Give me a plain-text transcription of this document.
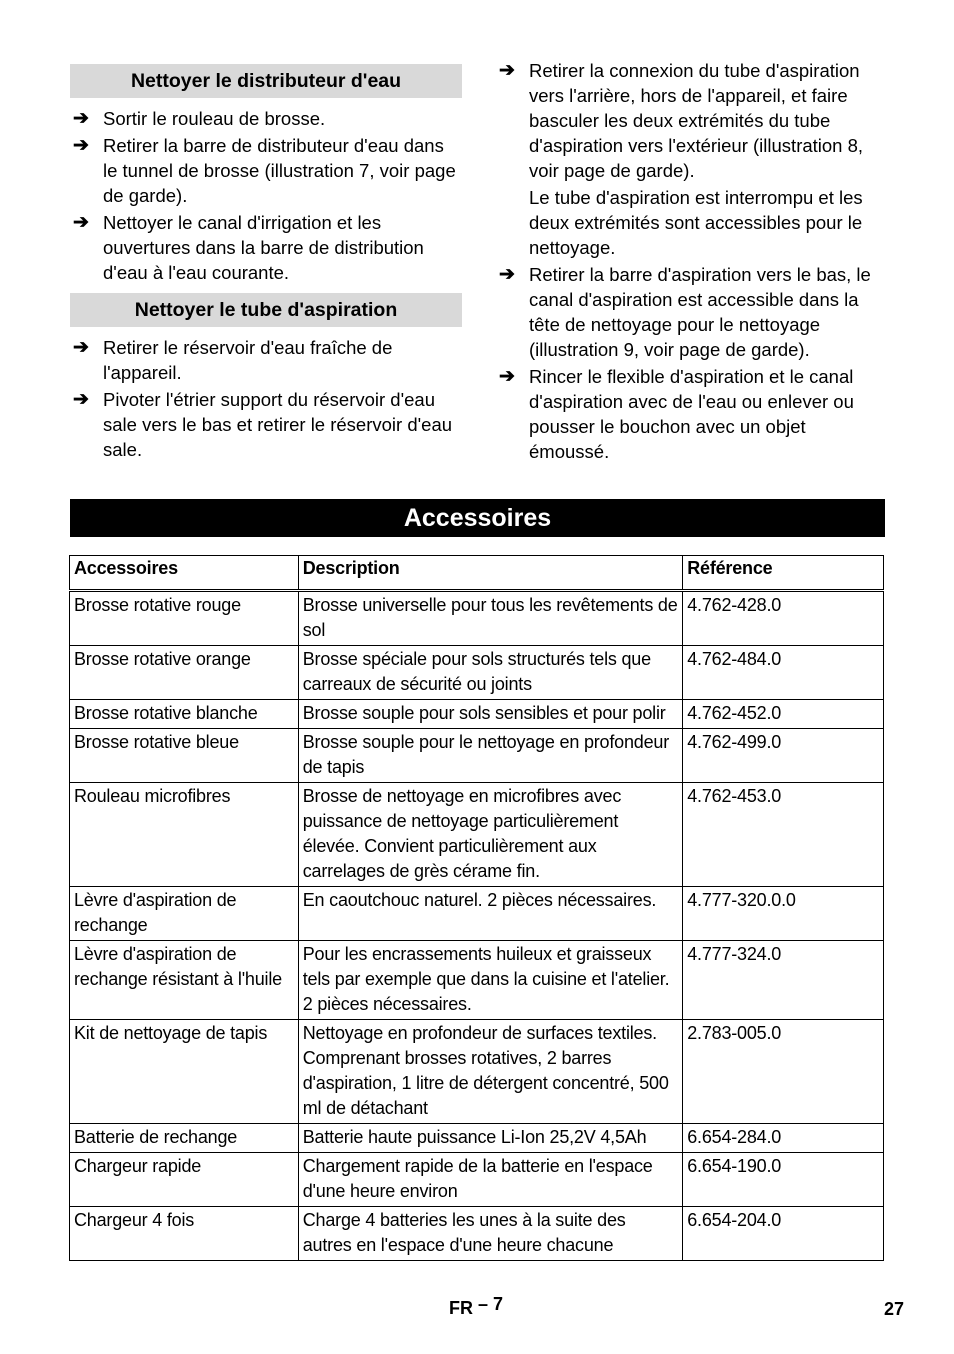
Nettoyer le distributeur d'eau
➔ Sortir le rouleau de brosse.
➔ Retirer la barre de distributeur d'eau dans le tunnel de brosse (illustration 7, voir page de garde).
➔ Nettoyer le canal d'irrigation et les ouvertures dans la barre de distribution d'eau à l'eau courante.
Nettoyer le tube d'aspiration
➔ Retirer le réservoir d'eau fraîche de l'appareil.
➔ Pivoter l'étrier support du réservoir d'eau sale vers le bas et retirer le réservoir d'eau sale.
➔ Retirer la connexion du tube d'aspiration vers l'arrière, hors de l'appareil, et faire basculer les deux extrémités du tube d'aspiration vers l'extérieur (illustration 8, voir page de garde).
Le tube d'aspiration est interrompu et les deux extrémités sont accessibles pour le nettoyage.
➔ Retirer la barre d'aspiration vers le bas, le canal d'aspiration est accessible dans la tête de nettoyage pour le nettoyage (illustration 9, voir page de garde).
➔ Rincer le flexible d'aspiration et le canal d'aspiration avec de l'eau ou enlever ou pousser le bouchon avec un objet émoussé.
Accessoires
Accessoires	Description	Référence
Brosse rotative rouge	Brosse universelle pour tous les revêtements de sol	4.762-428.0
Brosse rotative orange	Brosse spéciale pour sols structurés tels que carreaux de sécurité ou joints	4.762-484.0
Brosse rotative blanche	Brosse souple pour sols sensibles et pour polir	4.762-452.0
Brosse rotative bleue	Brosse souple pour le nettoyage en profondeur de tapis	4.762-499.0
Rouleau microfibres	Brosse de nettoyage en microfibres avec puissance de nettoyage particulièrement élevée. Convient particulièrement aux carrelages de grès cérame fin.	4.762-453.0
Lèvre d'aspiration de rechange	En caoutchouc naturel. 2 pièces nécessaires.	4.777-320.0.0
Lèvre d'aspiration de rechange résistant à l'huile	Pour les encrassements huileux et graisseux tels par exemple que dans la cuisine et l'atelier. 2 pièces nécessaires.	4.777-324.0
Kit de nettoyage de tapis	Nettoyage en profondeur de surfaces textiles. Comprenant brosses rotatives, 2 barres d'aspiration, 1 litre de détergent concentré, 500 ml de détachant	2.783-005.0
Batterie de rechange	Batterie haute puissance Li-Ion 25,2V 4,5Ah	6.654-284.0
Chargeur rapide	Chargement rapide de la batterie en l'espace d'une heure environ	6.654-190.0
Chargeur 4 fois	Charge 4 batteries les unes à la suite des autres en l'espace d'une heure chacune	6.654-204.0
FR – 7	27
